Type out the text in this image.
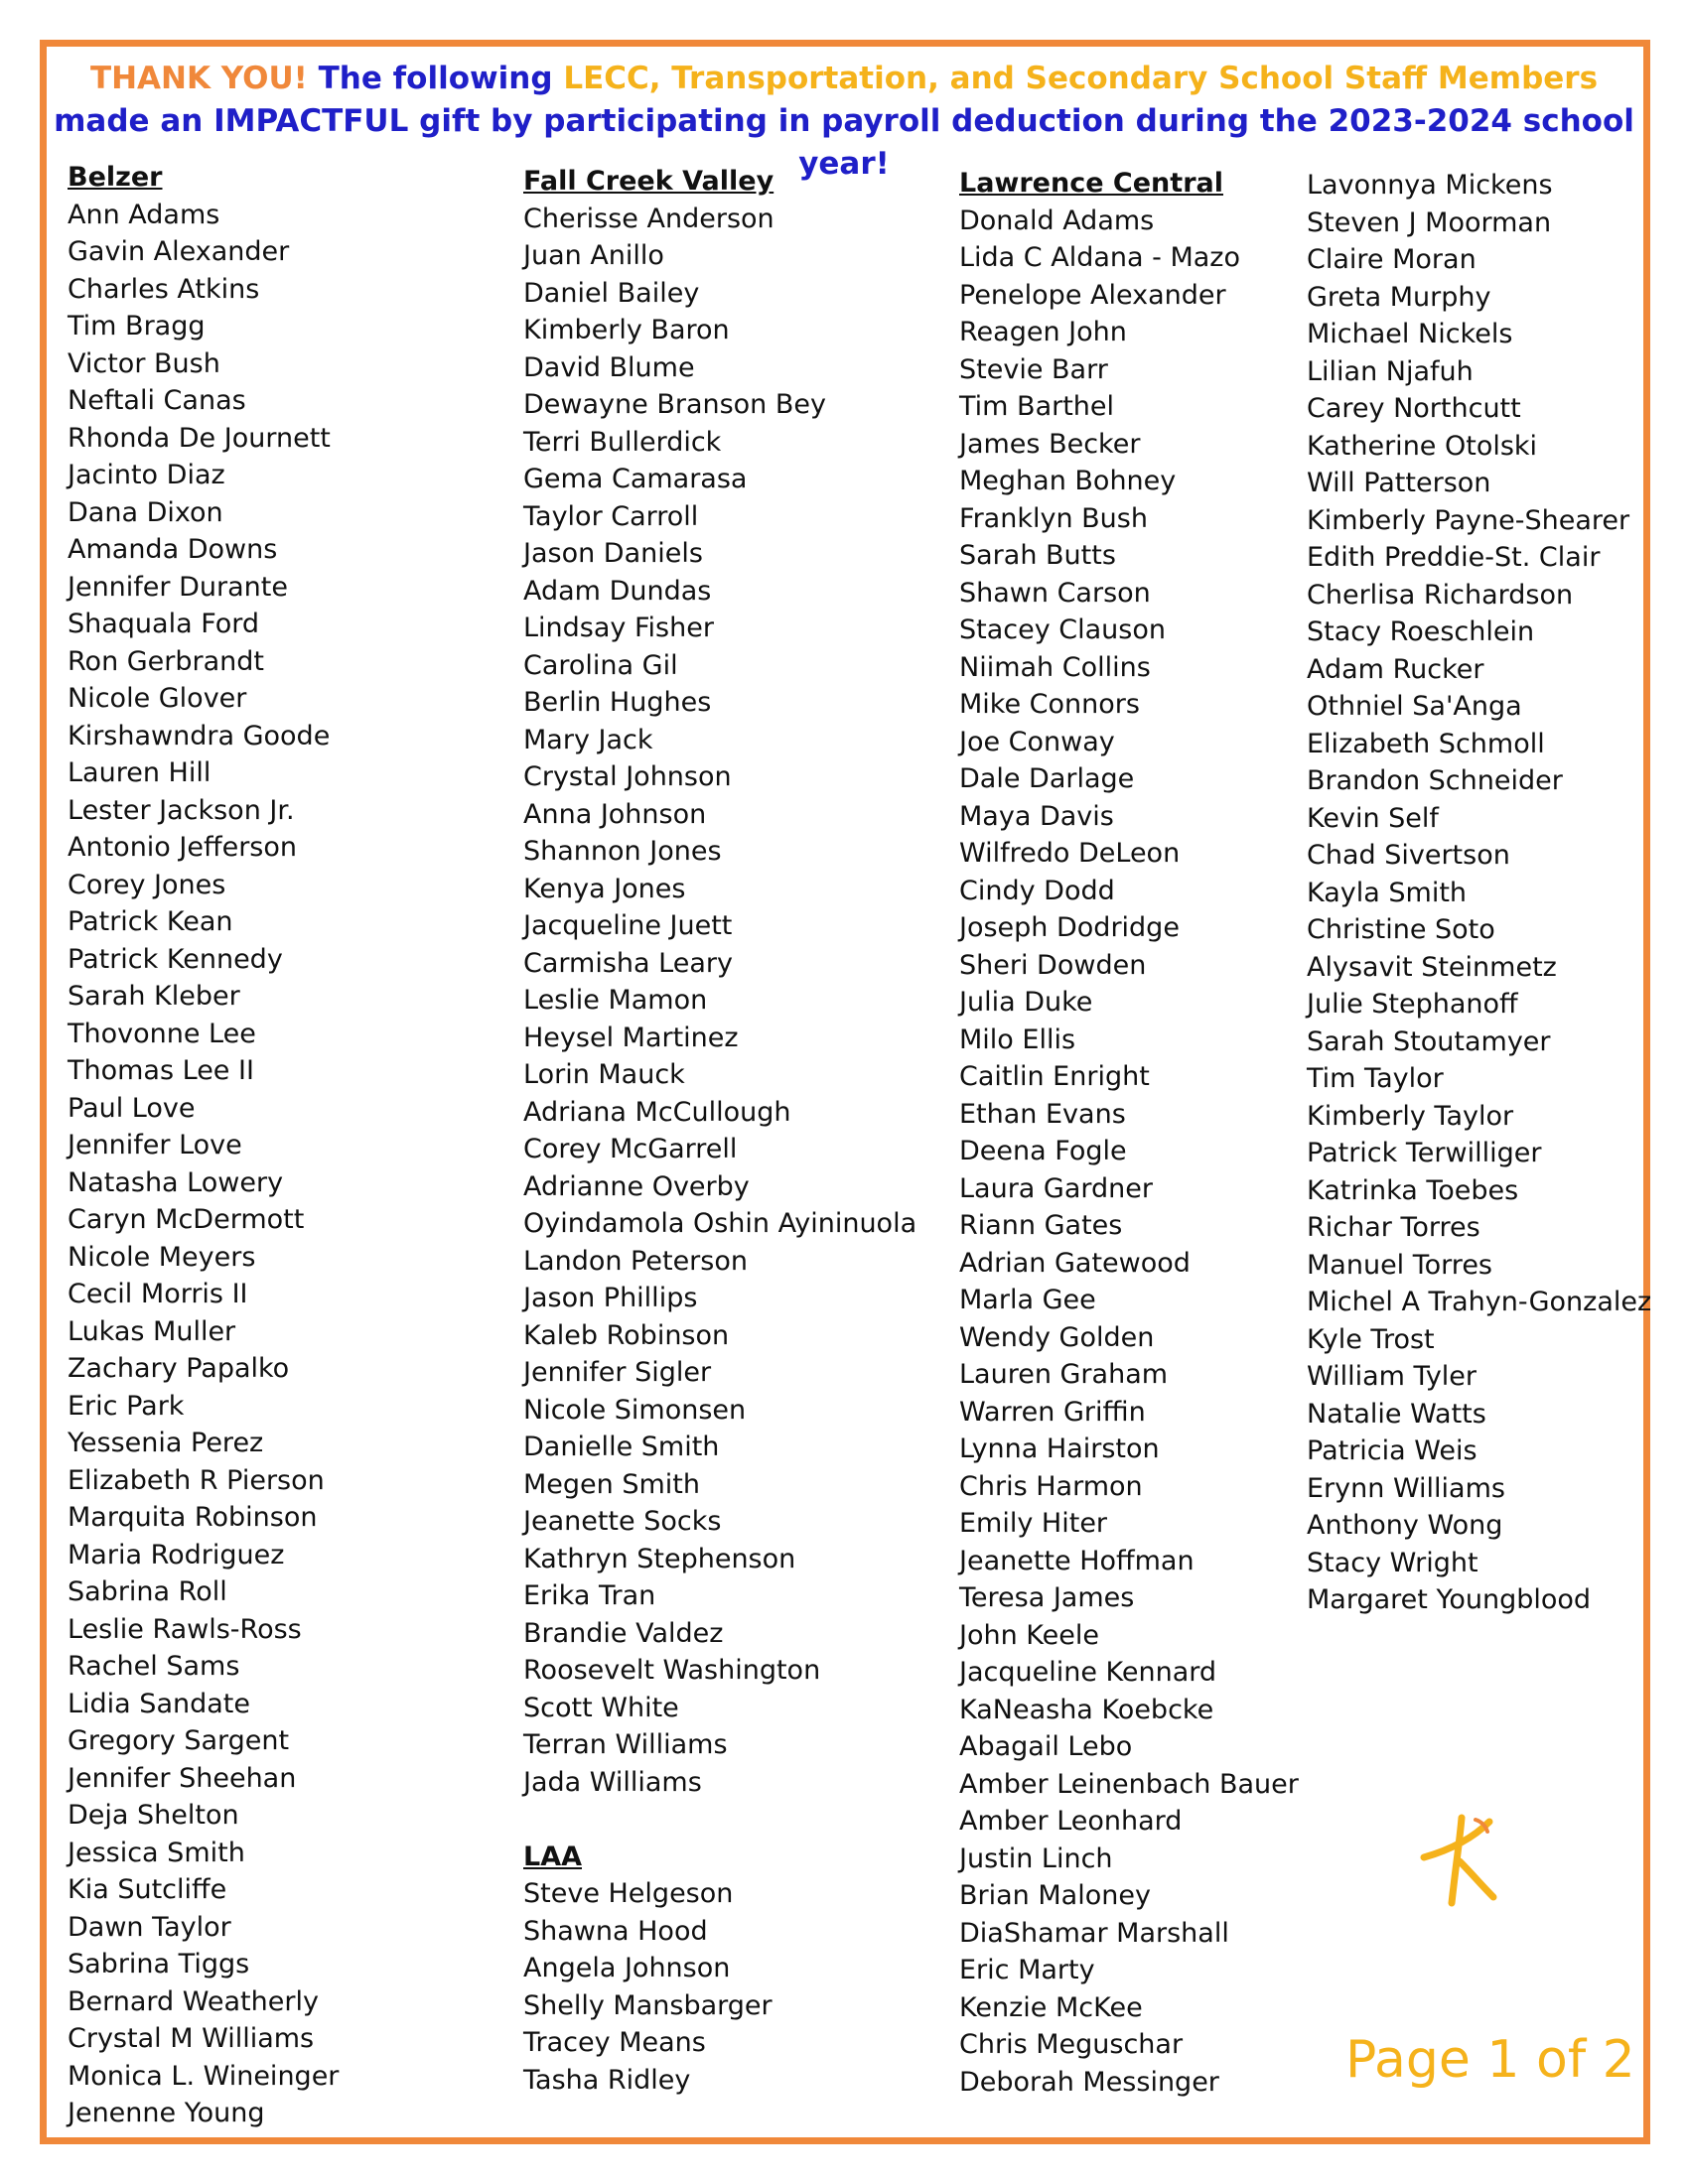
THANK YOU! The following LECC, Transportation, and Secondary School Staff Members made an IMPACTFUL gift by participating in payroll deduction during the 2023-2024 school year!
Belzer
Ann Adams
Gavin Alexander
Charles Atkins
Tim Bragg
Victor Bush
Neftali Canas
Rhonda De Journett
Jacinto Diaz
Dana Dixon
Amanda Downs
Jennifer Durante
Shaquala Ford
Ron Gerbrandt
Nicole Glover
Kirshawndra Goode
Lauren Hill
Lester Jackson Jr.
Antonio Jefferson
Corey Jones
Patrick Kean
Patrick Kennedy
Sarah Kleber
Thovonne Lee
Thomas Lee II
Paul Love
Jennifer Love
Natasha Lowery
Caryn McDermott
Nicole Meyers
Cecil Morris II
Lukas Muller
Zachary Papalko
Eric Park
Yessenia Perez
Elizabeth R Pierson
Marquita Robinson
Maria Rodriguez
Sabrina Roll
Leslie Rawls-Ross
Rachel Sams
Lidia Sandate
Gregory Sargent
Jennifer Sheehan
Deja Shelton
Jessica Smith
Kia Sutcliffe
Dawn Taylor
Sabrina Tiggs
Bernard Weatherly
Crystal M Williams
Monica L. Wineinger
Jenenne Young
Fall Creek Valley
Cherisse Anderson
Juan Anillo
Daniel Bailey
Kimberly Baron
David Blume
Dewayne Branson Bey
Terri Bullerdick
Gema Camarasa
Taylor Carroll
Jason Daniels
Adam Dundas
Lindsay Fisher
Carolina Gil
Berlin Hughes
Mary Jack
Crystal Johnson
Anna Johnson
Shannon Jones
Kenya Jones
Jacqueline Juett
Carmisha Leary
Leslie Mamon
Heysel Martinez
Lorin Mauck
Adriana McCullough
Corey McGarrell
Adrianne Overby
Oyindamola Oshin Ayininuola
Landon Peterson
Jason Phillips
Kaleb Robinson
Jennifer Sigler
Nicole Simonsen
Danielle Smith
Megen Smith
Jeanette Socks
Kathryn Stephenson
Erika Tran
Brandie Valdez
Roosevelt Washington
Scott White
Terran Williams
Jada Williams
LAA
Steve Helgeson
Shawna Hood
Angela Johnson
Shelly Mansbarger
Tracey Means
Tasha Ridley
Lawrence Central
Donald Adams
Lida C Aldana - Mazo
Penelope Alexander
Reagen John
Stevie Barr
Tim Barthel
James Becker
Meghan Bohney
Franklyn Bush
Sarah Butts
Shawn Carson
Stacey Clauson
Niimah Collins
Mike Connors
Joe Conway
Dale Darlage
Maya Davis
Wilfredo DeLeon
Cindy Dodd
Joseph Dodridge
Sheri Dowden
Julia Duke
Milo Ellis
Caitlin Enright
Ethan Evans
Deena Fogle
Laura Gardner
Riann Gates
Adrian Gatewood
Marla Gee
Wendy Golden
Lauren Graham
Warren Griffin
Lynna Hairston
Chris Harmon
Emily Hiter
Jeanette Hoffman
Teresa James
John Keele
Jacqueline Kennard
KaNeasha Koebcke
Abagail Lebo
Amber Leinenbach Bauer
Amber Leonhard
Justin Linch
Brian Maloney
DiaShamar Marshall
Eric Marty
Kenzie McKee
Chris Meguschar
Deborah Messinger
Lavonnya Mickens
Steven J Moorman
Claire Moran
Greta Murphy
Michael Nickels
Lilian Njafuh
Carey Northcutt
Katherine Otolski
Will Patterson
Kimberly Payne-Shearer
Edith Preddie-St. Clair
Cherlisa Richardson
Stacy Roeschlein
Adam Rucker
Othniel Sa'Anga
Elizabeth Schmoll
Brandon Schneider
Kevin Self
Chad Sivertson
Kayla Smith
Christine Soto
Alysavit Steinmetz
Julie Stephanoff
Sarah Stoutamyer
Tim Taylor
Kimberly Taylor
Patrick Terwilliger
Katrinka Toebes
Richar Torres
Manuel Torres
Michel A Trahyn-Gonzalez
Kyle Trost
William Tyler
Natalie Watts
Patricia Weis
Erynn Williams
Anthony Wong
Stacy Wright
Margaret Youngblood
Page 1 of 2
